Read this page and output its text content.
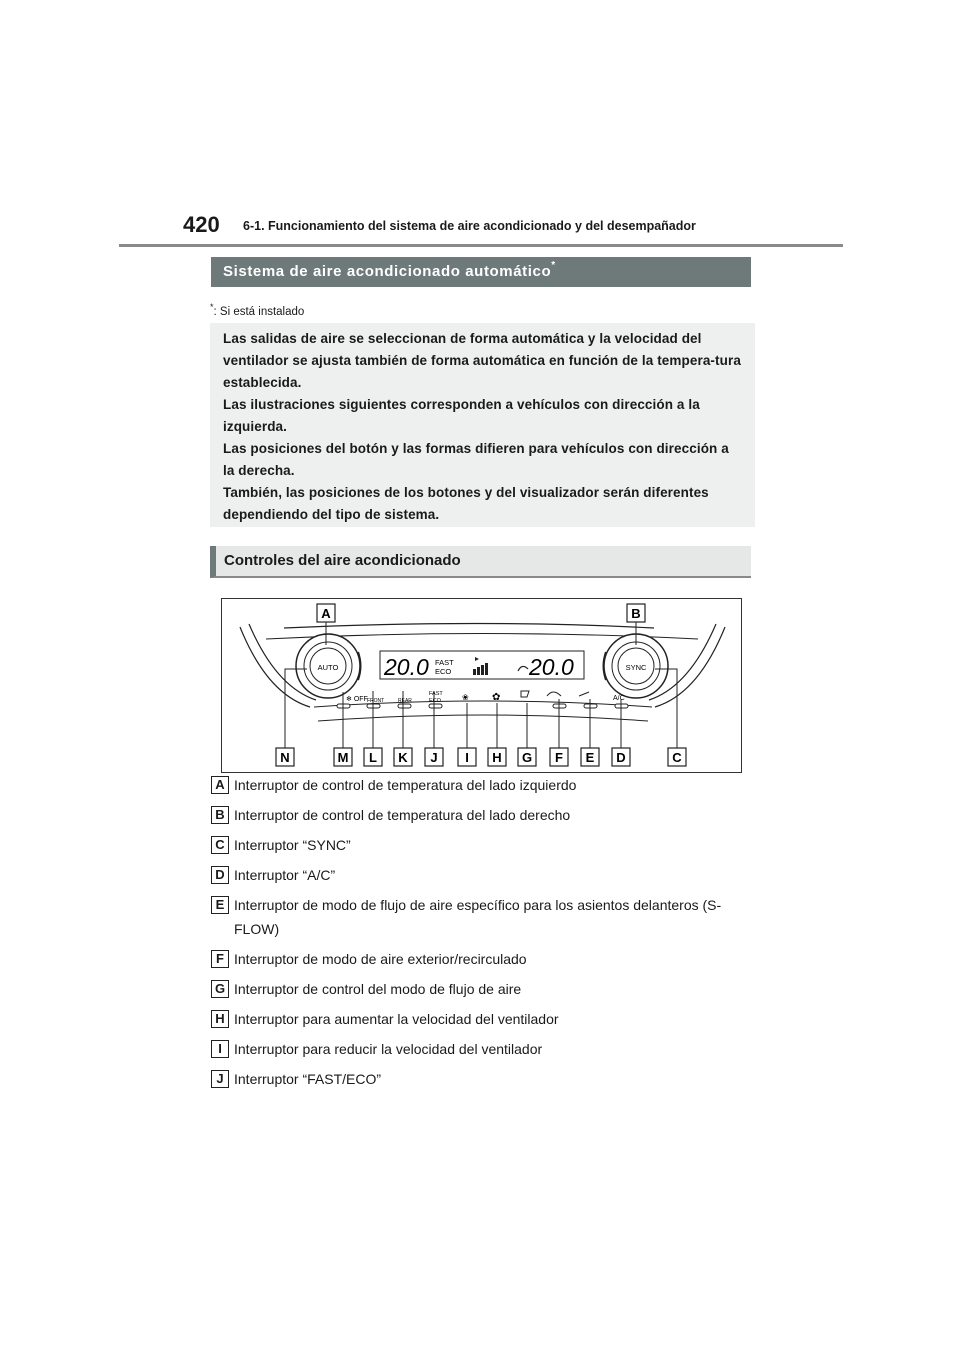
420 6-1. Funcionamiento del sistema de aire acondicionado y del desempañador
Sistema de aire acondicionado automático*
*: Si está instalado

Las salidas de aire se seleccionan de forma automática y la velocidad del ventilador se ajusta también de forma automática en función de la tempera-tura establecida.

Las ilustraciones siguientes corresponden a vehículos con dirección a la izquierda.

Las posiciones del botón y las formas difieren para vehículos con dirección a la derecha.

También, las posiciones de los botones y del visualizador serán diferentes dependiendo del tipo de sistema.

Controles del aire acondicionado
AUTO	SYNC
20.0 FAST
ECO	20.0
❄ OFF FRONT	REAR
FAST
ECO	❀ ✿	A/C
A	B
N	M L K J I H G F E D	C
A Interruptor de control de temperatura del lado izquierdo
B Interruptor de control de temperatura del lado derecho
C Interruptor “SYNC”
D Interruptor “A/C”
E Interruptor de modo de flujo de aire específico para los asientos delanteros (S-FLOW)
F Interruptor de modo de aire exterior/recirculado
G Interruptor de control del modo de flujo de aire
H Interruptor para aumentar la velocidad del ventilador
I Interruptor para reducir la velocidad del ventilador
J Interruptor “FAST/ECO”
